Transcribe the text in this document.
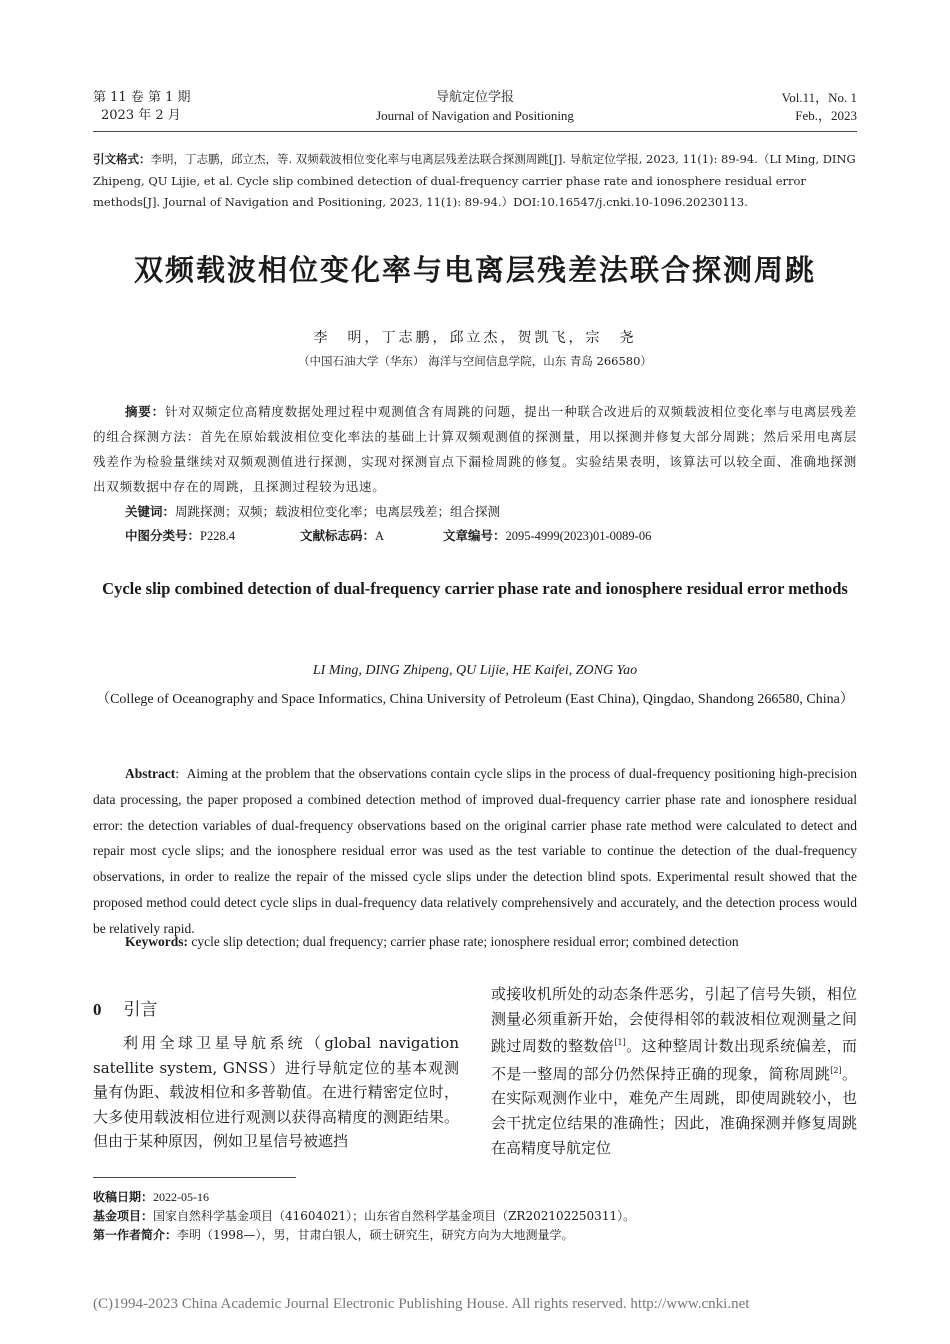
第 11 卷 第 1 期
2023 年 2 月
导航定位学报
Journal of Navigation and Positioning
Vol.11，No. 1
Feb.，2023
引文格式：李明，丁志鹏，邱立杰，等. 双频载波相位变化率与电离层残差法联合探测周跳[J]. 导航定位学报, 2023, 11(1): 89-94.（LI Ming, DING Zhipeng, QU Lijie, et al. Cycle slip combined detection of dual-frequency carrier phase rate and ionosphere residual error methods[J]. Journal of Navigation and Positioning, 2023, 11(1): 89-94.）DOI:10.16547/j.cnki.10-1096.20230113.
双频载波相位变化率与电离层残差法联合探测周跳
李　明，丁志鹏，邱立杰，贺凯飞，宗　尧
（中国石油大学（华东） 海洋与空间信息学院，山东 青岛 266580）
摘要：针对双频定位高精度数据处理过程中观测值含有周跳的问题，提出一种联合改进后的双频载波相位变化率与电离层残差的组合探测方法：首先在原始载波相位变化率法的基础上计算双频观测值的探测量，用以探测并修复大部分周跳；然后采用电离层残差作为检验量继续对双频观测值进行探测，实现对探测盲点下漏检周跳的修复。实验结果表明，该算法可以较全面、准确地探测出双频数据中存在的周跳，且探测过程较为迅速。
关键词：周跳探测；双频；载波相位变化率；电离层残差；组合探测
中图分类号：P228.4	文献标志码：A	文章编号：2095-4999(2023)01-0089-06
Cycle slip combined detection of dual-frequency carrier phase rate and ionosphere residual error methods
LI Ming, DING Zhipeng, QU Lijie, HE Kaifei, ZONG Yao
（College of Oceanography and Space Informatics, China University of Petroleum (East China), Qingdao, Shandong 266580, China）
Abstract:  Aiming at the problem that the observations contain cycle slips in the process of dual-frequency positioning high-precision data processing, the paper proposed a combined detection method of improved dual-frequency carrier phase rate and ionosphere residual error: the detection variables of dual-frequency observations based on the original carrier phase rate method were calculated to detect and repair most cycle slips; and the ionosphere residual error was used as the test variable to continue the detection of the dual-frequency observations, in order to realize the repair of the missed cycle slips under the detection blind spots. Experimental result showed that the proposed method could detect cycle slips in dual-frequency data relatively comprehensively and accurately, and the detection process would be relatively rapid.
Keywords: cycle slip detection; dual frequency; carrier phase rate; ionosphere residual error; combined detection
0 引言
利用全球卫星导航系统（global navigation satellite system, GNSS）进行导航定位的基本观测量有伪距、载波相位和多普勒值。在进行精密定位时，大多使用载波相位进行观测以获得高精度的测距结果。但由于某种原因，例如卫星信号被遮挡
或接收机所处的动态条件恶劣，引起了信号失锁，相位测量必须重新开始，会使得相邻的载波相位观测量之间跳过周数的整数倍[1]。这种整周计数出现系统偏差，而不是一整周的部分仍然保持正确的现象，简称周跳[2]。在实际观测作业中，难免产生周跳，即使周跳较小，也会干扰定位结果的准确性；因此，准确探测并修复周跳在高精度导航定位
收稿日期：2022-05-16
基金项目：国家自然科学基金项目（41604021）；山东省自然科学基金项目（ZR202102250311）。
第一作者简介：李明（1998—），男，甘肃白银人，硕士研究生，研究方向为大地测量学。
(C)1994-2023 China Academic Journal Electronic Publishing House. All rights reserved. http://www.cnki.net
